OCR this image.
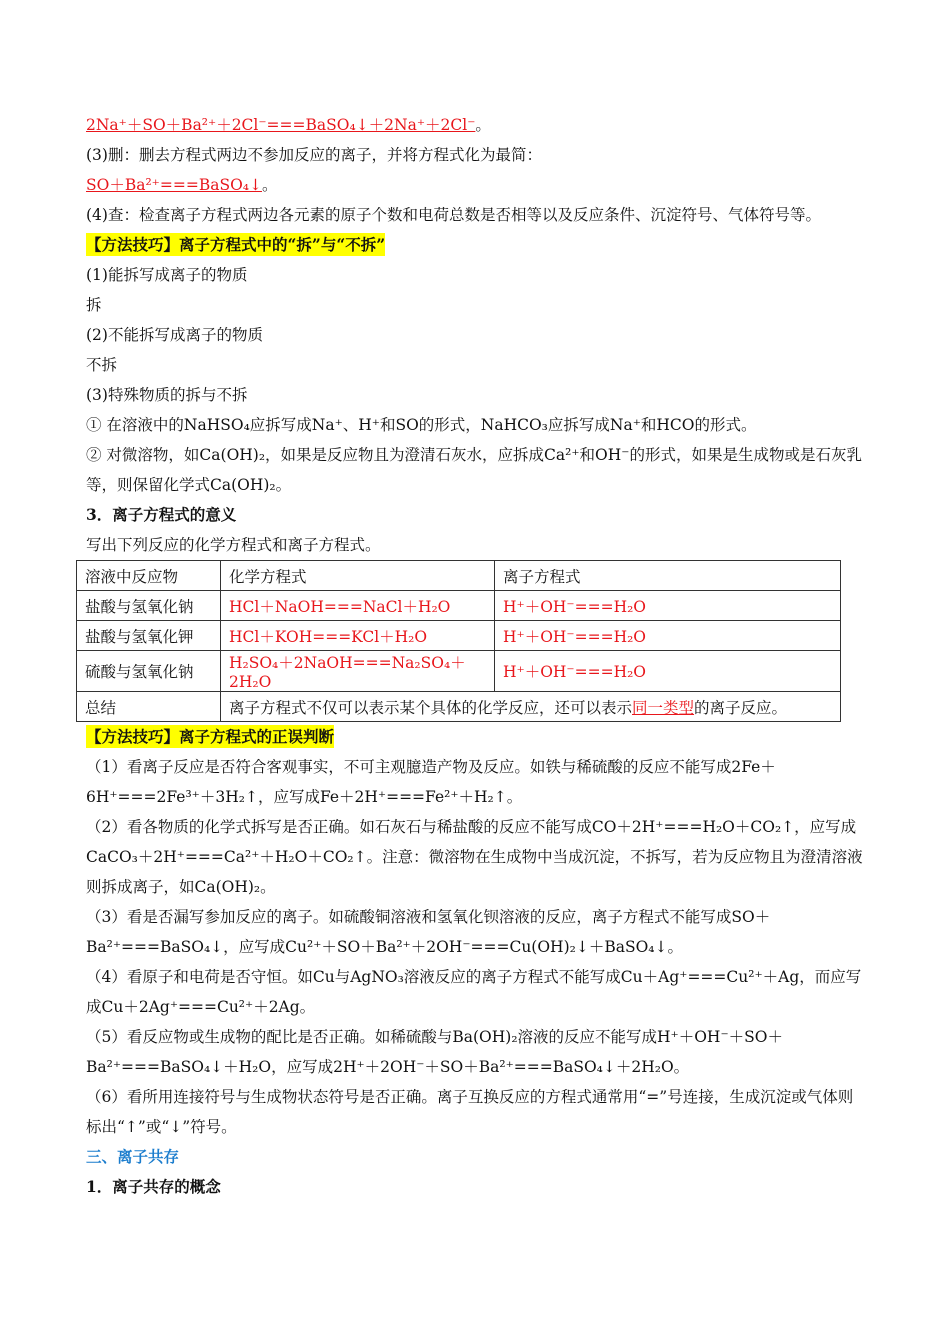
2Na⁺＋SO＋Ba²⁺＋2Cl⁻===BaSO₄↓＋2Na⁺＋2Cl⁻。
(3)删：删去方程式两边不参加反应的离子，并将方程式化为最简：
SO＋Ba²⁺===BaSO₄↓。
(4)查：检查离子方程式两边各元素的原子个数和电荷总数是否相等以及反应条件、沉淀符号、气体符号等。
【方法技巧】离子方程式中的“拆”与“不拆”
(1)能拆写成离子的物质
拆
(2)不能拆写成离子的物质
不拆
(3)特殊物质的拆与不拆
① 在溶液中的NaHSO₄应拆写成Na⁺、H⁺和SO的形式，NaHCO₃应拆写成Na⁺和HCO的形式。
② 对微溶物，如Ca(OH)₂，如果是反应物且为澄清石灰水，应拆成Ca²⁺和OH⁻的形式，如果是生成物或是石灰乳等，则保留化学式Ca(OH)₂。
3．离子方程式的意义
写出下列反应的化学方程式和离子方程式。
溶液中反应物	化学方程式	离子方程式
盐酸与氢氧化钠	HCl＋NaOH===NaCl＋H₂O	H⁺＋OH⁻===H₂O
盐酸与氢氧化钾	HCl＋KOH===KCl＋H₂O	H⁺＋OH⁻===H₂O
硫酸与氢氧化钠	H₂SO₄＋2NaOH===Na₂SO₄＋2H₂O	H⁺＋OH⁻===H₂O
总结	离子方程式不仅可以表示某个具体的化学反应，还可以表示同一类型的离子反应。	
【方法技巧】离子方程式的正误判断
（1）看离子反应是否符合客观事实，不可主观臆造产物及反应。如铁与稀硫酸的反应不能写成2Fe＋6H⁺===2Fe³⁺＋3H₂↑，应写成Fe＋2H⁺===Fe²⁺＋H₂↑。
（2）看各物质的化学式拆写是否正确。如石灰石与稀盐酸的反应不能写成CO＋2H⁺===H₂O＋CO₂↑，应写成CaCO₃＋2H⁺===Ca²⁺＋H₂O＋CO₂↑。注意：微溶物在生成物中当成沉淀，不拆写，若为反应物且为澄清溶液则拆成离子，如Ca(OH)₂。
（3）看是否漏写参加反应的离子。如硫酸铜溶液和氢氧化钡溶液的反应，离子方程式不能写成SO＋Ba²⁺===BaSO₄↓，应写成Cu²⁺＋SO＋Ba²⁺＋2OH⁻===Cu(OH)₂↓＋BaSO₄↓。
（4）看原子和电荷是否守恒。如Cu与AgNO₃溶液反应的离子方程式不能写成Cu＋Ag⁺===Cu²⁺＋Ag，而应写成Cu＋2Ag⁺===Cu²⁺＋2Ag。
（5）看反应物或生成物的配比是否正确。如稀硫酸与Ba(OH)₂溶液的反应不能写成H⁺＋OH⁻＋SO＋Ba²⁺===BaSO₄↓＋H₂O，应写成2H⁺＋2OH⁻＋SO＋Ba²⁺===BaSO₄↓＋2H₂O。
（6）看所用连接符号与生成物状态符号是否正确。离子互换反应的方程式通常用“=”号连接，生成沉淀或气体则标出“↑”或“↓”符号。
三、离子共存
1．离子共存的概念
